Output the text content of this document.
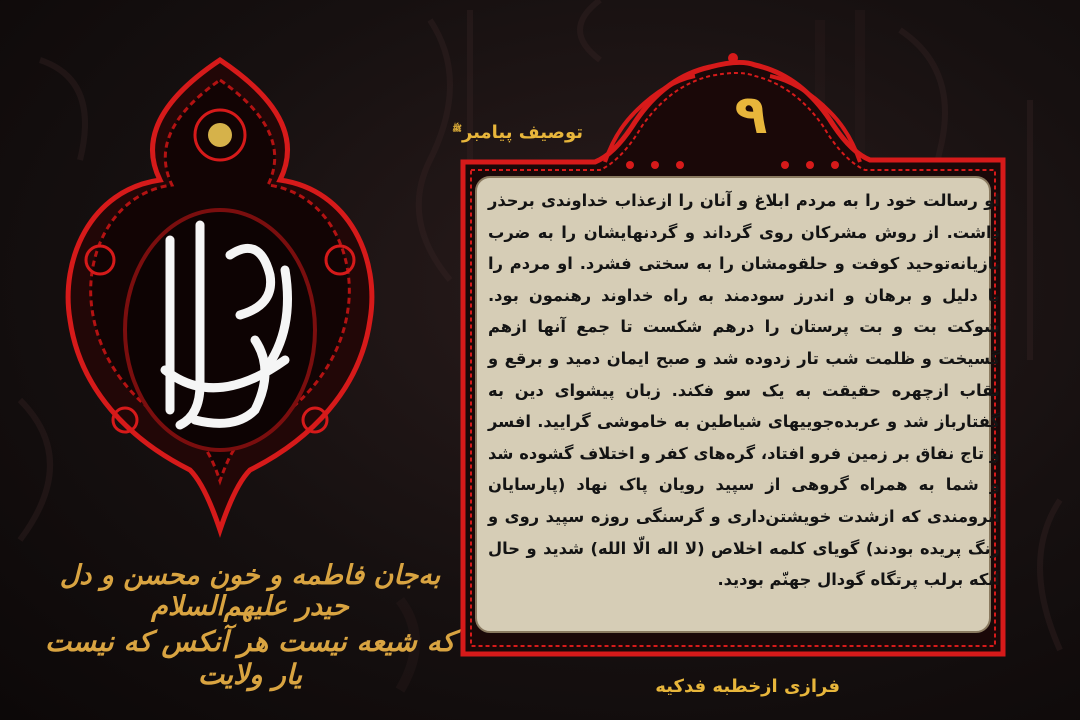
به‌جان فاطمه و خون محسن و دل حیدر علیهم‌السلام
که شیعه نیست هر آنکس که نیست یار ولایت
۹
توصیف پیامبر$^ﷺ$
او رسالت خود را به مردم ابلاغ و آنان را ازعذاب خداوندی برحذر داشت. از روش مشرکان روی گرداند و گردنهایشان را به ضرب تازیانه‌توحید کوفت و حلقومشان را به سختی فشرد. او مردم را با دلیل و برهان و اندرز سودمند به راه خداوند رهنمون بود. شوکت بت و بت پرستان را درهم شکست تا جمع آنها ازهم گسیخت و ظلمت شب تار زدوده شد و صبح ایمان دمید و برقع و نقاب ازچهره حقیقت به یک سو فکند. زبان پیشوای دین به گفتارباز شد و عربده‌جوییهای شیاطین به خاموشی گرایید. افسر و تاج نفاق بر زمین فرو افتاد، گره‌های کفر و اختلاف گشوده شد و شما به همراه گروهی از سپید رویان پاک نهاد (پارسایان آبرومندی که ازشدت خویشتن‌داری و گرسنگی روزه سپید روی و رنگ پریده بودند) گویای کلمه اخلاص (لا اله الّا الله) شدید و حال آنکه برلب پرتگاه گودال جهنّم بودید.
فرازی ازخطبه فدکیه
